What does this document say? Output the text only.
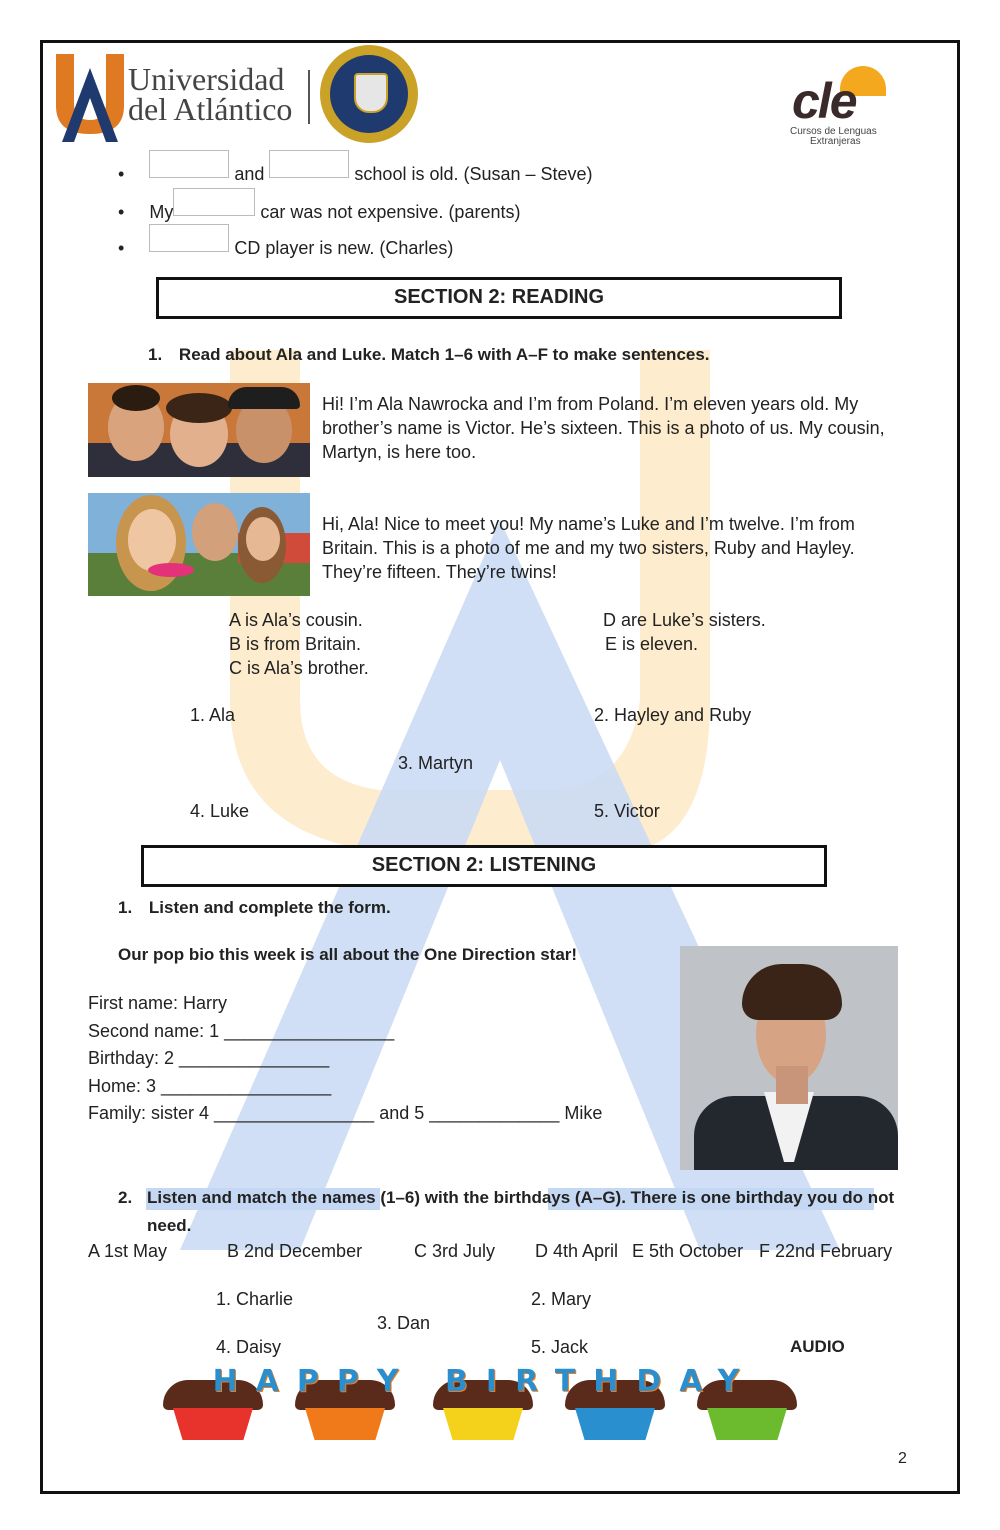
Universidad
del Atlántico	cle
Cursos de Lenguas
Extranjeras
•	and	school is old. (Susan – Steve)
• My	car was not expensive. (parents)
•	CD player is new. (Charles)
SECTION 2: READING
1. Read about Ala and Luke. Match 1–6 with A–F to make sentences.
Hi! I’m Ala Nawrocka and I’m from Poland. I’m eleven years old. My brother’s name is Victor. He’s sixteen. This is a photo of us. My cousin, Martyn, is here too.
Hi, Ala! Nice to meet you! My name’s Luke and I’m twelve. I’m from Britain. This is a photo of me and my two sisters, Ruby and Hayley. They’re fifteen. They’re twins!
A is Ala’s cousin.
B is from Britain.
C is Ala’s brother.
D are Luke’s sisters.
E is eleven.
1. Ala	2. Hayley and Ruby
3. Martyn
4. Luke	5. Victor
SECTION 2: LISTENING
1. Listen and complete the form.
Our pop bio this week is all about the One Direction star!
First name: Harry
Second name: 1 _________________
Birthday: 2 _______________
Home: 3 _________________
Family: sister 4 ________________ and 5 _____________ Mike
2. Listen and match the names (1–6) with the birthdays (A–G). There is one birthday you do not
need.
A 1st May	B 2nd December	C 3rd July D 4th April E 5th October F 22nd February
1. Charlie	2. Mary
3. Dan
4. Daisy	5. Jack	AUDIO
HAPPY BIRTHDAY
2
